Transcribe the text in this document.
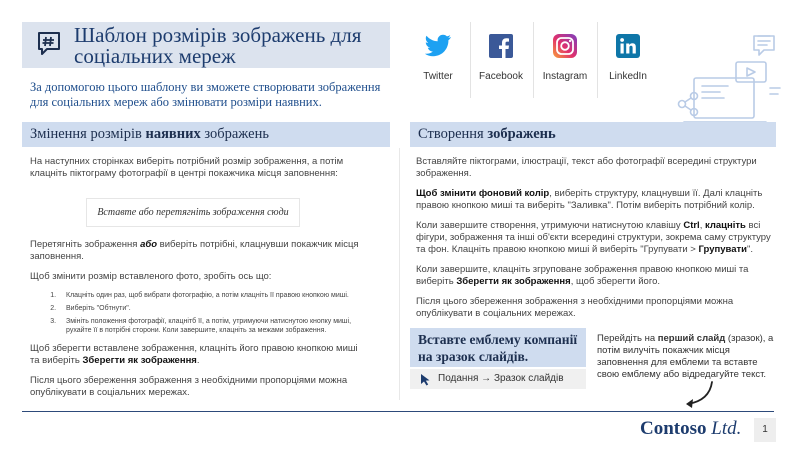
Шаблон розмірів зображень для соціальних мереж
За допомогою цього шаблону ви зможете створювати зображення для соціальних мереж або змінювати розміри наявних.
Twitter	Facebook	Instagram	LinkedIn
Змінення розмірів наявних зображень

На наступних сторінках виберіть потрібний розмір зображення, а потім клацніть піктограму фотографії в центрі покажчика місця заповнення:

Вставте або перетягніть зображення сюди

Перетягніть зображення або виберіть потрібні, клацнувши покажчик місця заповнення.

Щоб змінити розмір вставленого фото, зробіть ось що:

1. Клацніть один раз, щоб вибрати фотографію, а потім клацніть її правою кнопкою миші.
2. Виберіть "Обтнути".
3. Змініть положення фотографії, клацнітб її, а потім, утримуючи натиснутою кнопку миші, рухайте її в потрібні сторони. Коли завершите, клацніть за межами зображення.

Щоб зберегти вставлене зображення, клацніть його правою кнопкою миші та виберіть Зберегти як зображення.

Після цього збереження зображення з необхідними пропорціями можна опублікувати в соціальних мережах.

Створення зображень

Вставляйте піктограми, ілюстрації, текст або фотографії всередині структури зображення.

Щоб змінити фоновий колір, виберіть структуру, клацнувши її. Далі клацніть правою кнопкою миші та виберіть "Заливка". Потім виберіть потрібний колір.

Коли завершите створення, утримуючи натиснутою клавішу Ctrl, клацніть всі фігури, зображення та інші об'єкти всередині структури, зокрема саму структуру та фон. Клацніть правою кнопкою миші й виберіть "Групувати > Групувати".

Коли завершите, клацніть згруповане зображення правою кнопкою миші та виберіть Зберегти як зображення, щоб зберегти його.

Після цього збереження зображення з необхідними пропорціями можна опублікувати в соціальних мережах.

Вставте емблему компанії на зразок слайдів.
Подання → Зразок слайдів
Перейдіть на перший слайд (зразок), а потім вилучіть покажчик місця заповнення для емблеми та вставте свою емблему або відредагуйте текст.
Contoso Ltd.	1
